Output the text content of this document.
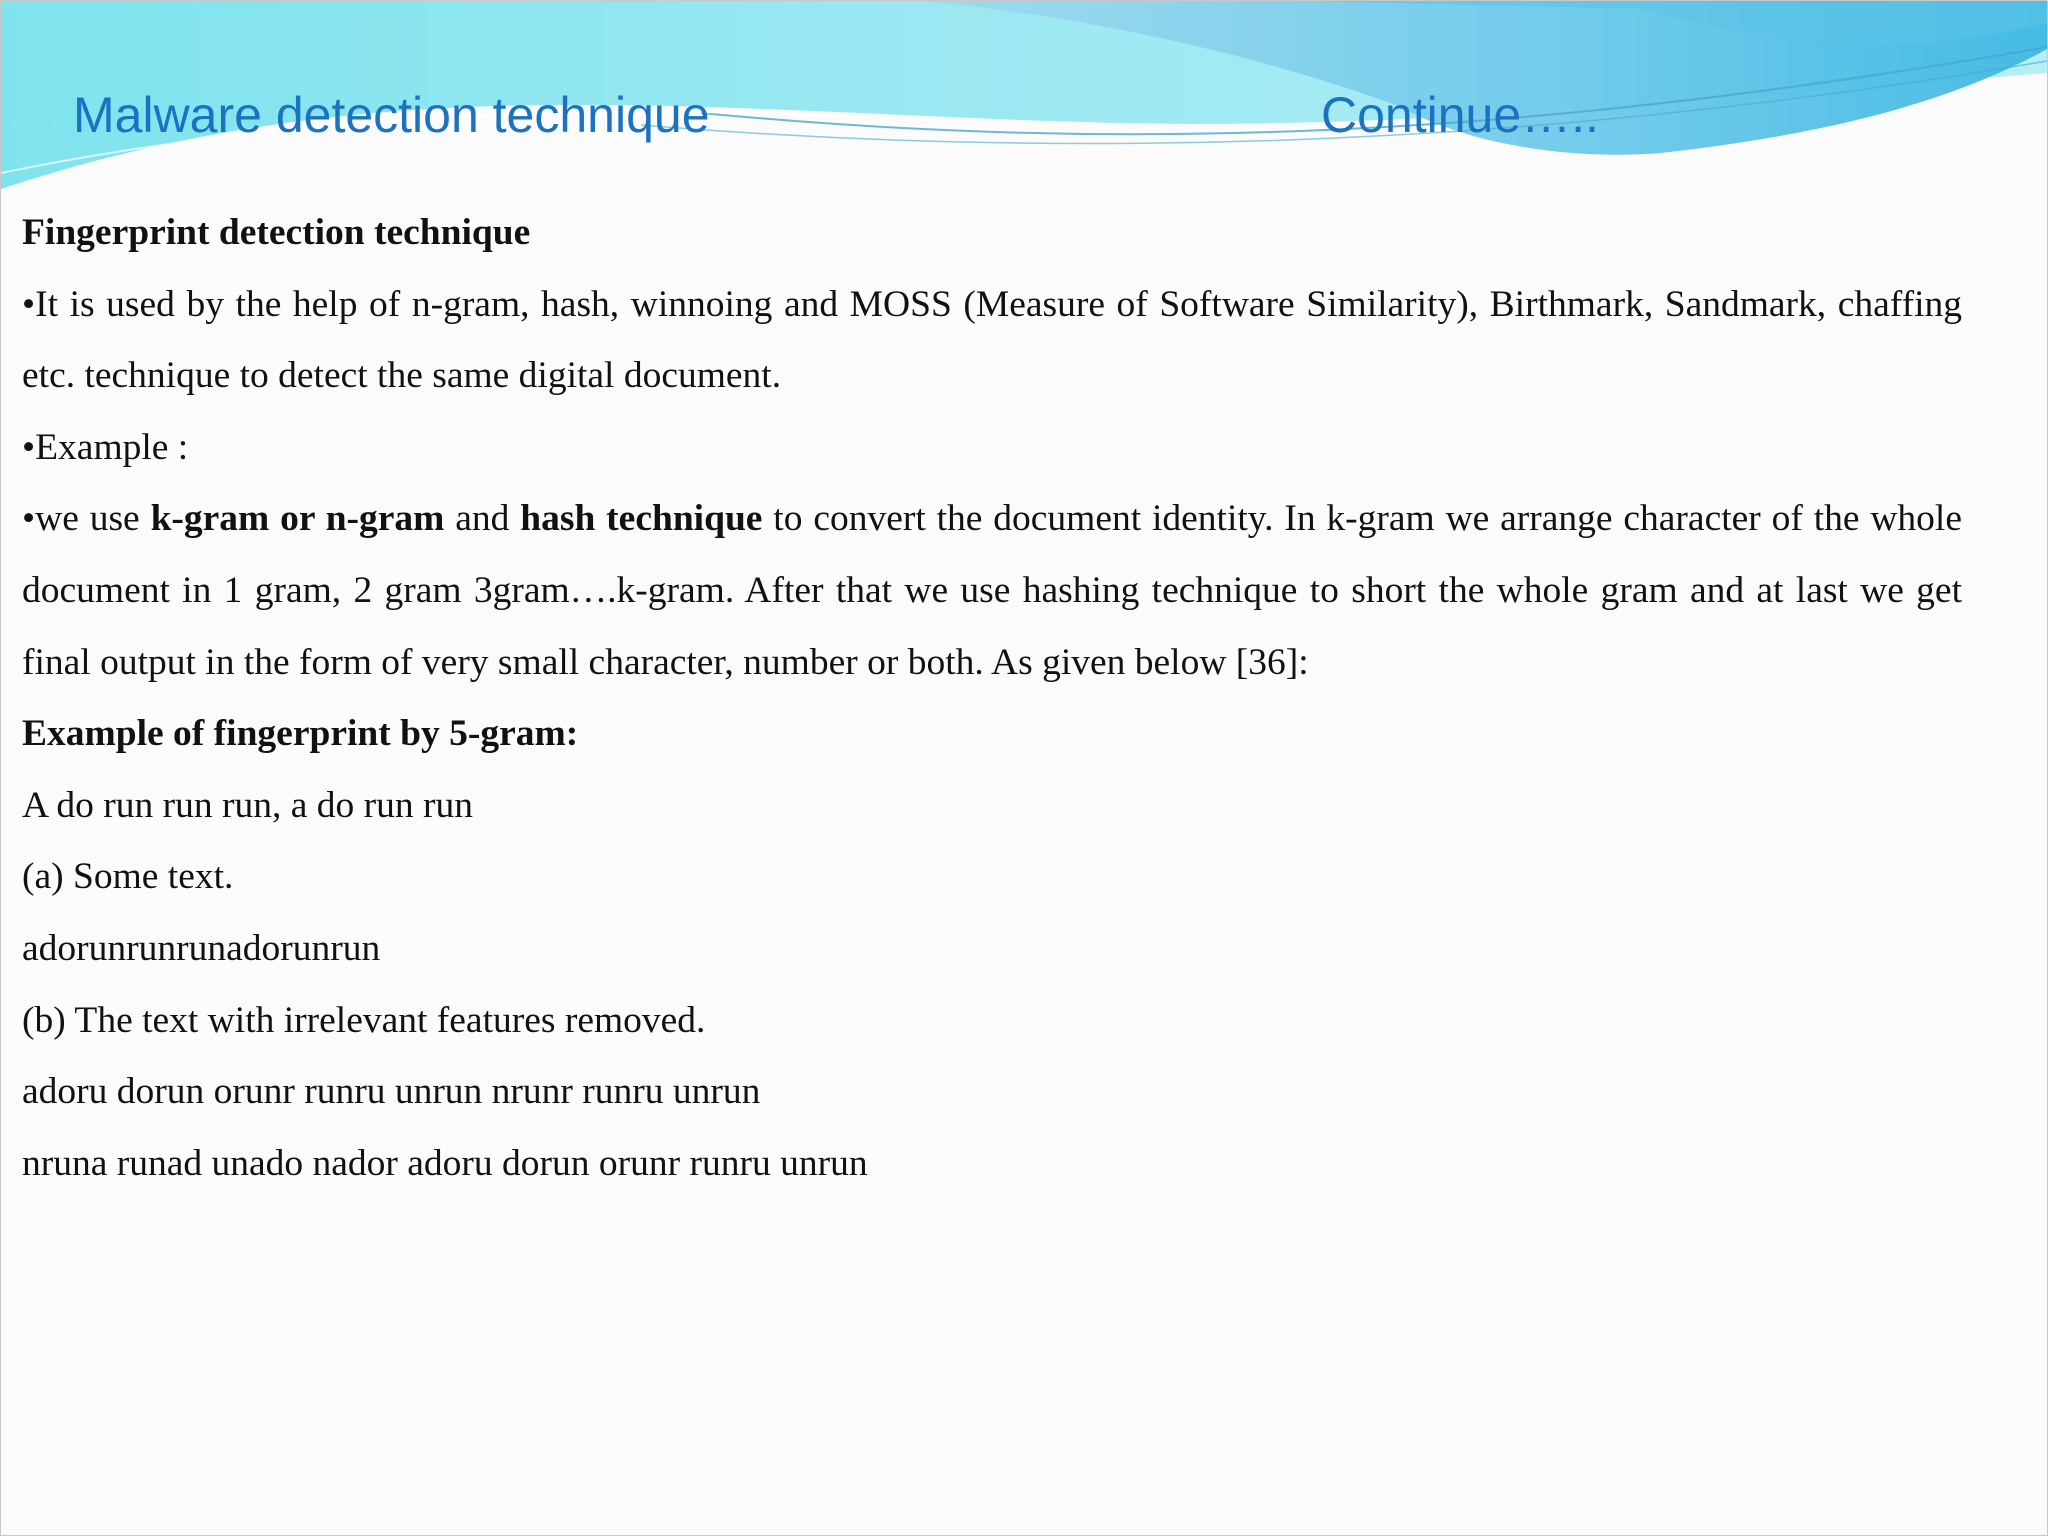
Malware detection technique	Continue…..

Fingerprint detection technique

•It is used by the help of n-gram, hash, winnoing and MOSS (Measure of Software Similarity), Birthmark, Sandmark, chaffing etc. technique to detect the same digital document.

•Example :

•we use k-gram or n-gram and hash technique to convert the document identity. In k-gram we arrange character of the whole document in 1 gram, 2 gram 3gram….k-gram. After that we use hashing technique to short the whole gram and at last we get final output in the form of very small character, number or both. As given below [36]:

Example of fingerprint by 5-gram:

A do run run run, a do run run

(a) Some text.

adorunrunrunadorunrun

(b) The text with irrelevant features removed.

adoru dorun orunr runru unrun nrunr runru unrun

nruna runad unado nador adoru dorun orunr runru unrun
